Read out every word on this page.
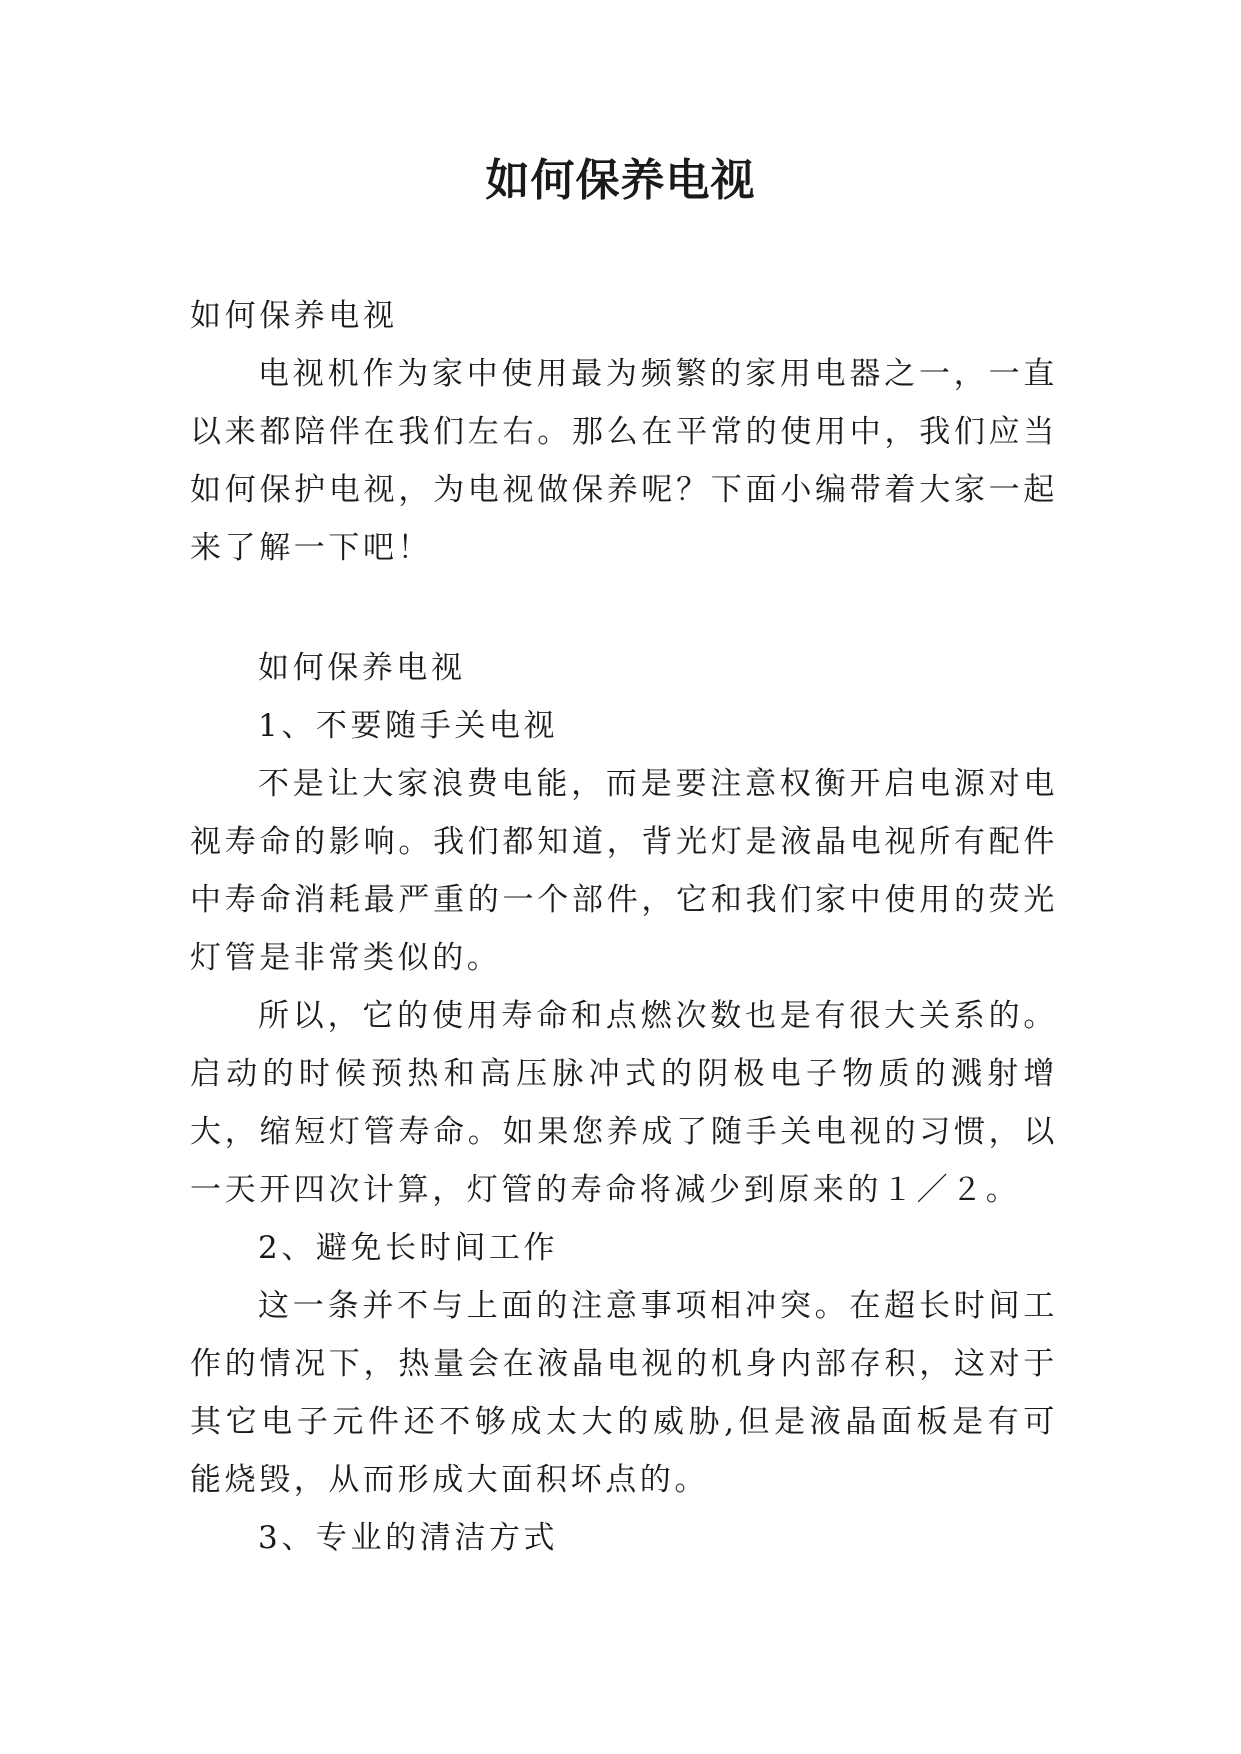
如何保养电视

如何保养电视

电视机作为家中使用最为频繁的家用电器之一，一直以来都陪伴在我们左右。那么在平常的使用中，我们应当如何保护电视，为电视做保养呢？下面小编带着大家一起来了解一下吧！

如何保养电视

1、不要随手关电视

不是让大家浪费电能，而是要注意权衡开启电源对电视寿命的影响。我们都知道，背光灯是液晶电视所有配件中寿命消耗最严重的一个部件，它和我们家中使用的荧光灯管是非常类似的。

所以，它的使用寿命和点燃次数也是有很大关系的。启动的时候预热和高压脉冲式的阴极电子物质的溅射增大，缩短灯管寿命。如果您养成了随手关电视的习惯，以一天开四次计算，灯管的寿命将减少到原来的１／２。

2、避免长时间工作

这一条并不与上面的注意事项相冲突。在超长时间工作的情况下，热量会在液晶电视的机身内部存积，这对于其它电子元件还不够成太大的威胁,但是液晶面板是有可能烧毁，从而形成大面积坏点的。

3、专业的清洁方式
